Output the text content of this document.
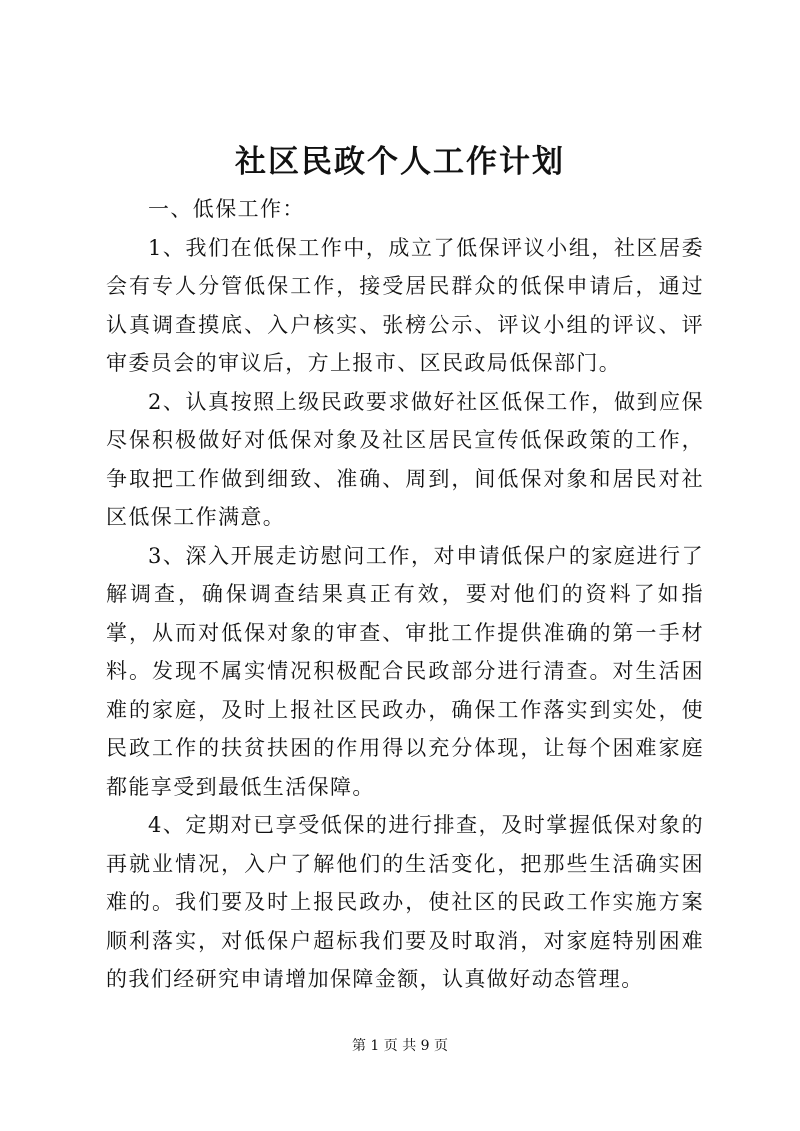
社区民政个人工作计划

一、低保工作：

1、我们在低保工作中，成立了低保评议小组，社区居委会有专人分管低保工作，接受居民群众的低保申请后，通过认真调查摸底、入户核实、张榜公示、评议小组的评议、评审委员会的审议后，方上报市、区民政局低保部门。

2、认真按照上级民政要求做好社区低保工作，做到应保尽保积极做好对低保对象及社区居民宣传低保政策的工作，争取把工作做到细致、准确、周到，间低保对象和居民对社区低保工作满意。

3、深入开展走访慰问工作，对申请低保户的家庭进行了解调查，确保调查结果真正有效，要对他们的资料了如指掌，从而对低保对象的审查、审批工作提供准确的第一手材料。发现不属实情况积极配合民政部分进行清查。对生活困难的家庭，及时上报社区民政办，确保工作落实到实处，使民政工作的扶贫扶困的作用得以充分体现，让每个困难家庭都能享受到最低生活保障。

4、定期对已享受低保的进行排查，及时掌握低保对象的再就业情况，入户了解他们的生活变化，把那些生活确实困难的。我们要及时上报民政办，使社区的民政工作实施方案顺利落实，对低保户超标我们要及时取消，对家庭特别困难的我们经研究申请增加保障金额，认真做好动态管理。

第 1 页 共 9 页
